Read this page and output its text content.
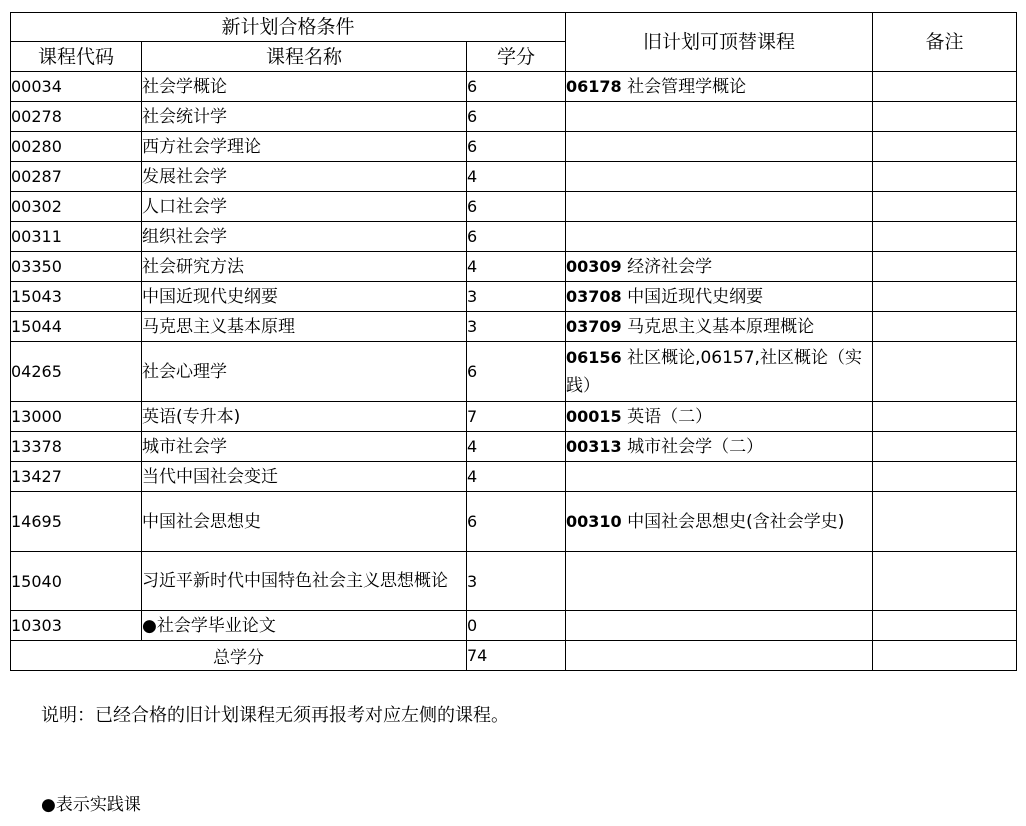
新计划合格条件			旧计划可顶替课程	备注
课程代码	课程名称	学分		
00034	社会学概论	6	06178 社会管理学概论	
00278	社会统计学	6		
00280	西方社会学理论	6		
00287	发展社会学	4		
00302	人口社会学	6		
00311	组织社会学	6		
03350	社会研究方法	4	00309 经济社会学	
15043	中国近现代史纲要	3	03708 中国近现代史纲要	
15044	马克思主义基本原理	3	03709 马克思主义基本原理概论	
04265	社会心理学	6	06156 社区概论,06157,社区概论（实践）	
13000	英语(专升本)	7	00015 英语（二）	
13378	城市社会学	4	00313 城市社会学（二）	
13427	当代中国社会变迁	4		
14695	中国社会思想史	6	00310 中国社会思想史(含社会学史)	
15040	习近平新时代中国特色社会主义思想概论	3		
10303	●社会学毕业论文	0		
总学分		74		
说明：已经合格的旧计划课程无须再报考对应左侧的课程。
●表示实践课
